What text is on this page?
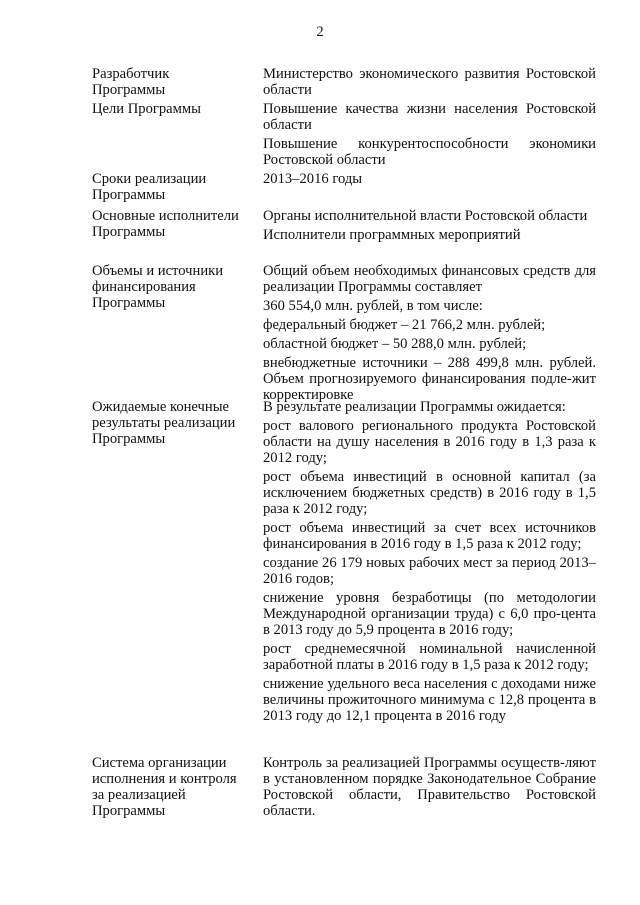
2
Разработчик
Программы

Министерство экономического развития Ростовской области

Цели Программы	Повышение качества жизни населения Ростовской области

Повышение конкурентоспособности экономики Ростовской области

Сроки реализации
Программы

2013–2016 годы

Основные исполнители
Программы

Органы исполнительной власти Ростовской области

Исполнители программных мероприятий

Объемы и источники
финансирования
Программы

Общий объем необходимых финансовых средств для реализации Программы составляет

360 554,0 млн. рублей, в том числе:

федеральный бюджет – 21 766,2 млн. рублей;

областной бюджет – 50 288,0 млн. рублей;

внебюджетные источники – 288 499,8 млн. рублей. Объем прогнозируемого финансирования подле-жит корректировке

Ожидаемые конечные
результаты реализации
Программы

В результате реализации Программы ожидается:

рост валового регионального продукта Ростовской области на душу населения в 2016 году в 1,3 раза к 2012 году;

рост объема инвестиций в основной капитал (за исключением бюджетных средств) в 2016 году в 1,5 раза к 2012 году;

рост объема инвестиций за счет всех источников финансирования в 2016 году в 1,5 раза к 2012 году;

создание 26 179 новых рабочих мест за период 2013–2016 годов;

снижение уровня безработицы (по методологии Международной организации труда) с 6,0 про-цента в 2013 году до 5,9 процента в 2016 году;

рост среднемесячной номинальной начисленной заработной платы в 2016 году в 1,5 раза к 2012 году;

снижение удельного веса населения с доходами ниже величины прожиточного минимума с 12,8 процента в 2013 году до 12,1 процента в 2016 году

Система организации
исполнения и контроля
за реализацией
Программы

Контроль за реализацией Программы осуществ-ляют в установленном порядке Законодательное Собрание Ростовской области, Правительство Ростовской области.
